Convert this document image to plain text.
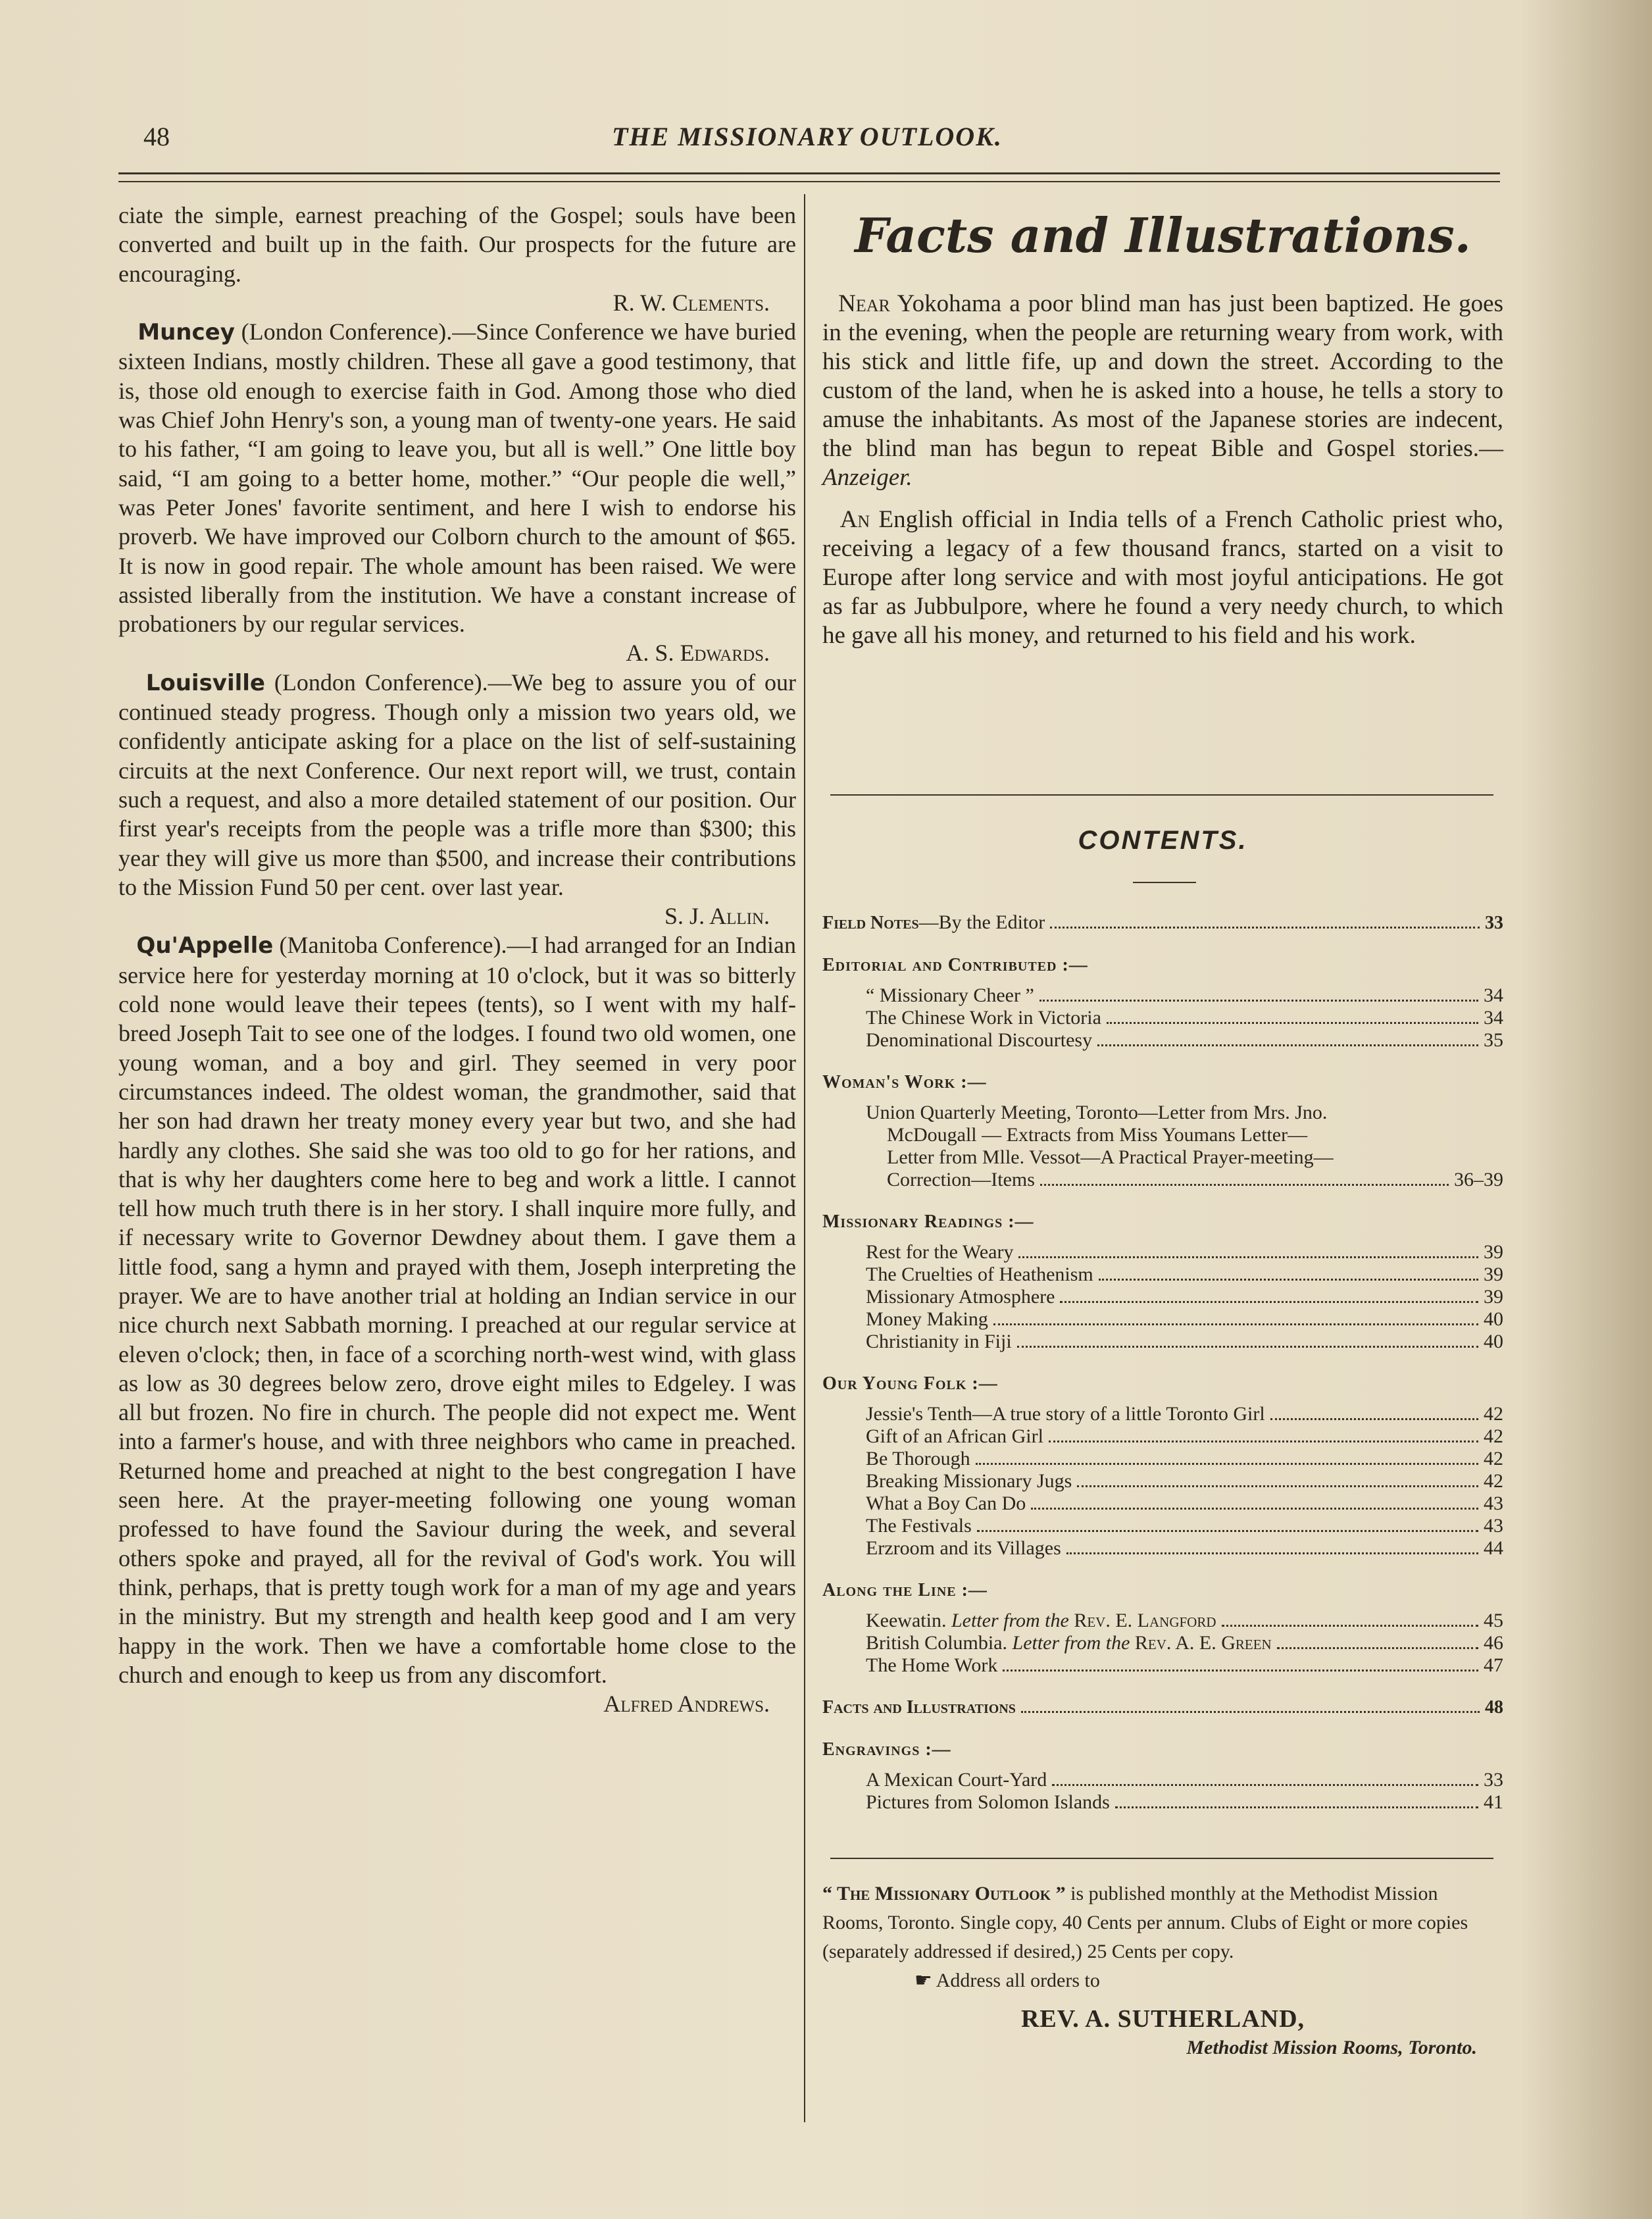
48	THE MISSIONARY OUTLOOK.

ciate the simple, earnest preaching of the Gospel; souls have been converted and built up in the faith. Our prospects for the future are encouraging.

R. W. Clements.

Muncey (London Conference).—Since Conference we have buried sixteen Indians, mostly children. These all gave a good testimony, that is, those old enough to exercise faith in God. Among those who died was Chief John Henry's son, a young man of twenty-one years. He said to his father, “I am going to leave you, but all is well.” One little boy said, “I am going to a better home, mother.” “Our people die well,” was Peter Jones' favorite sentiment, and here I wish to endorse his proverb. We have improved our Colborn church to the amount of $65. It is now in good repair. The whole amount has been raised. We were assisted liberally from the institution. We have a constant increase of probationers by our regular services.

A. S. Edwards.

Louisville (London Conference).—We beg to assure you of our continued steady progress. Though only a mission two years old, we confidently anticipate asking for a place on the list of self-sustaining circuits at the next Conference. Our next report will, we trust, contain such a request, and also a more detailed statement of our position. Our first year's receipts from the people was a trifle more than $300; this year they will give us more than $500, and increase their contributions to the Mission Fund 50 per cent. over last year.

S. J. Allin.

Qu'Appelle (Manitoba Conference).—I had arranged for an Indian service here for yesterday morning at 10 o'clock, but it was so bitterly cold none would leave their tepees (tents), so I went with my half-breed Joseph Tait to see one of the lodges. I found two old women, one young woman, and a boy and girl. They seemed in very poor circumstances indeed. The oldest woman, the grandmother, said that her son had drawn her treaty money every year but two, and she had hardly any clothes. She said she was too old to go for her rations, and that is why her daughters come here to beg and work a little. I cannot tell how much truth there is in her story. I shall inquire more fully, and if necessary write to Governor Dewdney about them. I gave them a little food, sang a hymn and prayed with them, Joseph interpreting the prayer. We are to have another trial at holding an Indian service in our nice church next Sabbath morning. I preached at our regular service at eleven o'clock; then, in face of a scorching north-west wind, with glass as low as 30 degrees below zero, drove eight miles to Edgeley. I was all but frozen. No fire in church. The people did not expect me. Went into a farmer's house, and with three neighbors who came in preached. Returned home and preached at night to the best congregation I have seen here. At the prayer-meeting following one young woman professed to have found the Saviour during the week, and several others spoke and prayed, all for the revival of God's work. You will think, perhaps, that is pretty tough work for a man of my age and years in the ministry. But my strength and health keep good and I am very happy in the work. Then we have a comfortable home close to the church and enough to keep us from any discomfort.

Alfred Andrews.

Facts and Illustrations.

Near Yokohama a poor blind man has just been baptized. He goes in the evening, when the people are returning weary from work, with his stick and little fife, up and down the street. According to the custom of the land, when he is asked into a house, he tells a story to amuse the inhabitants. As most of the Japanese stories are indecent, the blind man has begun to repeat Bible and Gospel stories.—Anzeiger.

An English official in India tells of a French Catholic priest who, receiving a legacy of a few thousand francs, started on a visit to Europe after long service and with most joyful anticipations. He got as far as Jubbulpore, where he found a very needy church, to which he gave all his money, and returned to his field and his work.

CONTENTS.
Field Notes—By the Editor	33
Editorial and Contributed :—
“ Missionary Cheer ”	34
The Chinese Work in Victoria	34
Denominational Discourtesy	35
Woman's Work :—
Union Quarterly Meeting, Toronto—Letter from Mrs. Jno.
McDougall — Extracts from Miss Youmans Letter—
Letter from Mlle. Vessot—A Practical Prayer-meeting—
Correction—Items	36–39
Missionary Readings :—
Rest for the Weary	39
The Cruelties of Heathenism	39
Missionary Atmosphere	39
Money Making	40
Christianity in Fiji	40
Our Young Folk :—
Jessie's Tenth—A true story of a little Toronto Girl	42
Gift of an African Girl	42
Be Thorough	42
Breaking Missionary Jugs	42
What a Boy Can Do	43
The Festivals	43
Erzroom and its Villages	44
Along the Line :—
Keewatin. Letter from the Rev. E. Langford	45
British Columbia. Letter from the Rev. A. E. Green	46
The Home Work	47
Facts and Illustrations	48
Engravings :—
A Mexican Court-Yard	33
Pictures from Solomon Islands	41
“ The Missionary Outlook ” is published monthly at the Methodist Mission Rooms, Toronto. Single copy, 40 Cents per annum. Clubs of Eight or more copies (separately addressed if desired,) 25 Cents per copy.
☛ Address all orders to
REV. A. SUTHERLAND,
Methodist Mission Rooms, Toronto.
